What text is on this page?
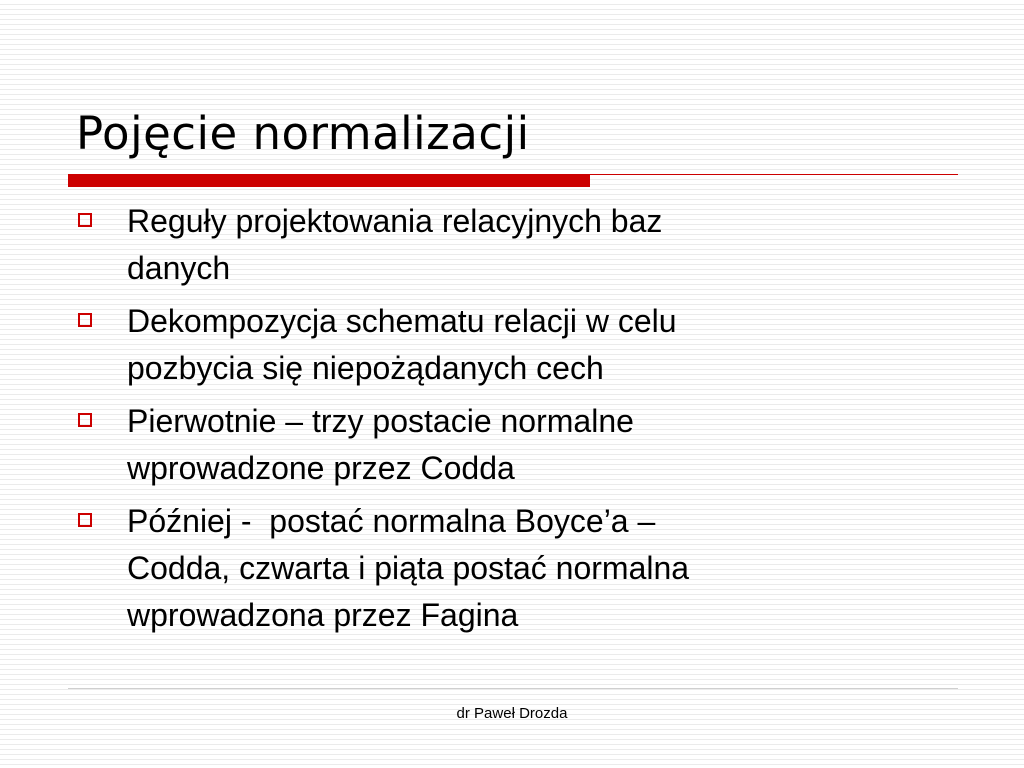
Pojęcie normalizacji
Reguły projektowania relacyjnych baz
danych
Dekompozycja schematu relacji w celu
pozbycia się niepożądanych cech
Pierwotnie – trzy postacie normalne
wprowadzone przez Codda
Później -  postać normalna Boyce’a –
Codda, czwarta i piąta postać normalna
wprowadzona przez Fagina
dr Paweł Drozda
